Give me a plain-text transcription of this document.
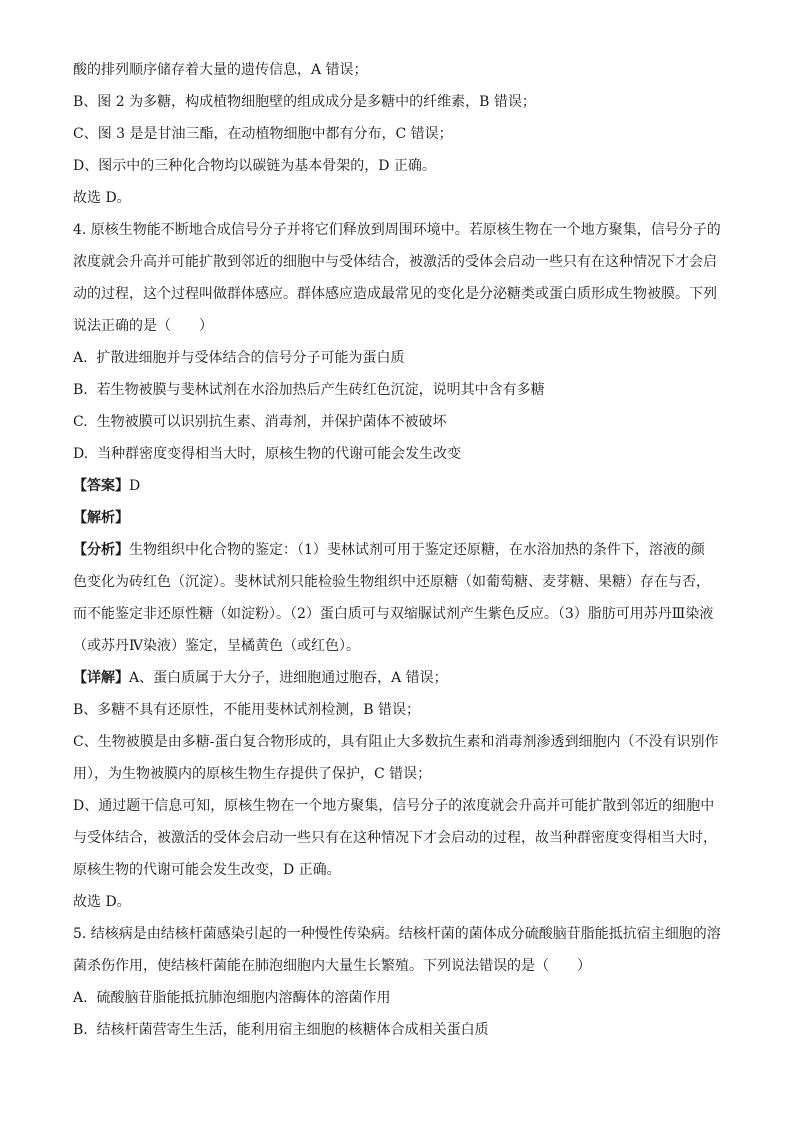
酸的排列顺序储存着大量的遗传信息，A 错误；
B、图 2 为多糖，构成植物细胞壁的组成成分是多糖中的纤维素，B 错误；
C、图 3 是是甘油三酯，在动植物细胞中都有分布，C 错误；
D、图示中的三种化合物均以碳链为基本骨架的，D 正确。
故选 D。
4. 原核生物能不断地合成信号分子并将它们释放到周围环境中。若原核生物在一个地方聚集，信号分子的
浓度就会升高并可能扩散到邻近的细胞中与受体结合，被激活的受体会启动一些只有在这种情况下才会启
动的过程，这个过程叫做群体感应。群体感应造成最常见的变化是分泌糖类或蛋白质形成生物被膜。下列
说法正确的是（　　）
A.  扩散进细胞并与受体结合的信号分子可能为蛋白质
B.  若生物被膜与斐林试剂在水浴加热后产生砖红色沉淀，说明其中含有多糖
C.  生物被膜可以识别抗生素、消毒剂，并保护菌体不被破坏
D.  当种群密度变得相当大时，原核生物的代谢可能会发生改变
【答案】D
【解析】
【分析】生物组织中化合物的鉴定：（1）斐林试剂可用于鉴定还原糖，在水浴加热的条件下，溶液的颜
色变化为砖红色（沉淀）。斐林试剂只能检验生物组织中还原糖（如葡萄糖、麦芽糖、果糖）存在与否，
而不能鉴定非还原性糖（如淀粉）。（2）蛋白质可与双缩脲试剂产生紫色反应。（3）脂肪可用苏丹Ⅲ染液
（或苏丹Ⅳ染液）鉴定，呈橘黄色（或红色）。
【详解】A、蛋白质属于大分子，进细胞通过胞吞，A 错误；
B、多糖不具有还原性，不能用斐林试剂检测，B 错误；
C、生物被膜是由多糖-蛋白复合物形成的，具有阻止大多数抗生素和消毒剂渗透到细胞内（不没有识别作
用），为生物被膜内的原核生物生存提供了保护，C 错误；
D、通过题干信息可知，原核生物在一个地方聚集，信号分子的浓度就会升高并可能扩散到邻近的细胞中
与受体结合，被激活的受体会启动一些只有在这种情况下才会启动的过程，故当种群密度变得相当大时，
原核生物的代谢可能会发生改变，D 正确。
故选 D。
5. 结核病是由结核杆菌感染引起的一种慢性传染病。结核杆菌的菌体成分硫酸脑苷脂能抵抗宿主细胞的溶
菌杀伤作用，使结核杆菌能在肺泡细胞内大量生长繁殖。下列说法错误的是（　　）
A.  硫酸脑苷脂能抵抗肺泡细胞内溶酶体的溶菌作用
B.  结核杆菌营寄生生活，能利用宿主细胞的核糖体合成相关蛋白质
